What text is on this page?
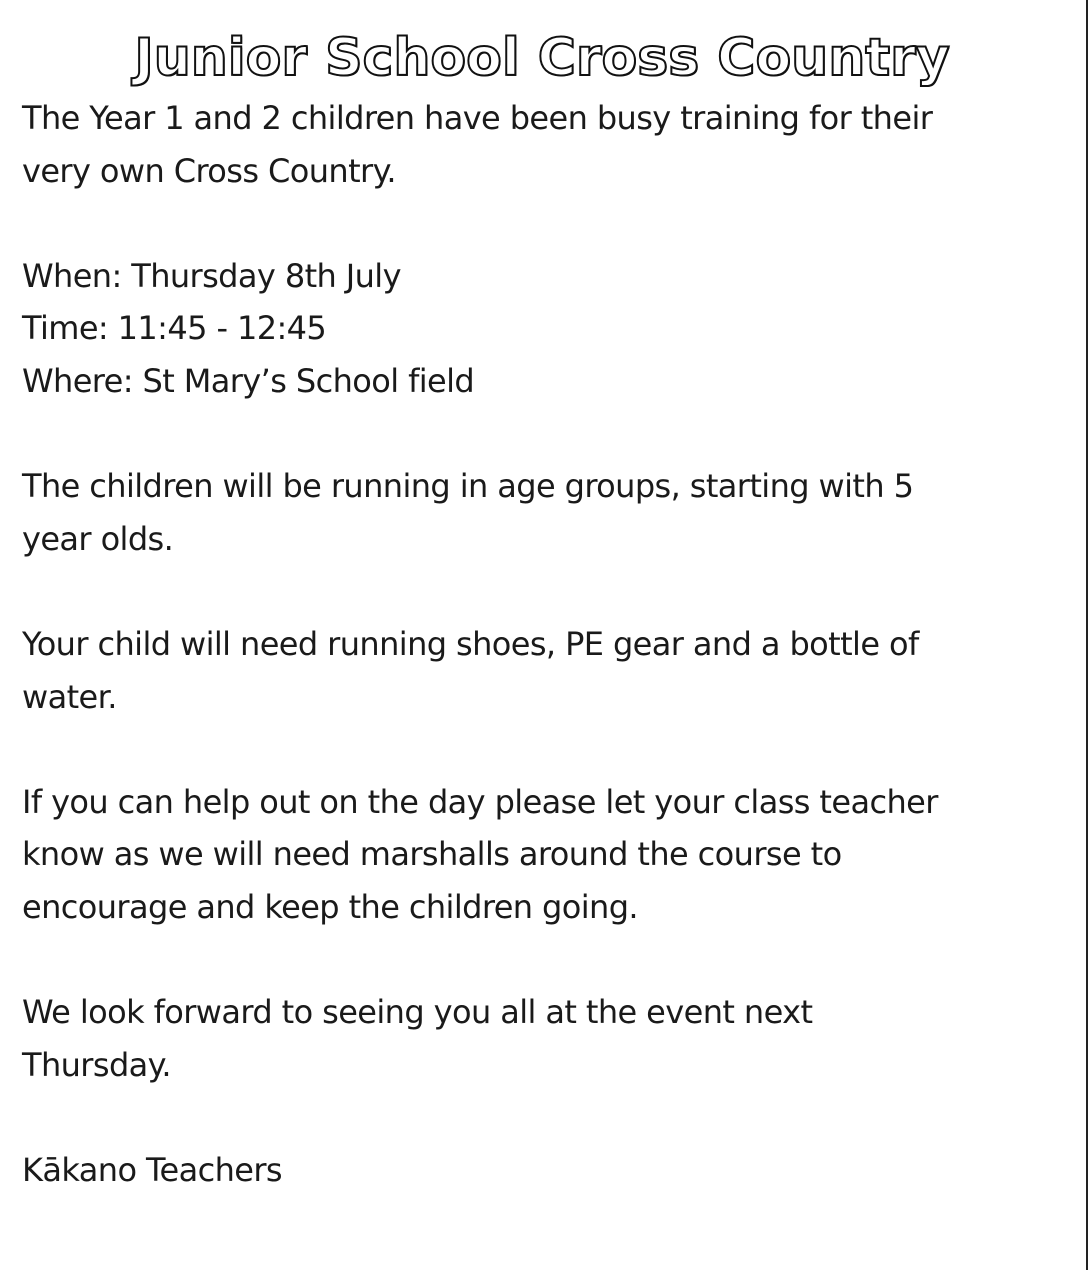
Junior School Cross Country

The Year 1 and 2 children have been busy training for their
very own Cross Country.

When: Thursday 8th July
Time: 11:45 - 12:45
Where: St Mary’s School field

The children will be running in age groups, starting with 5
year olds.

Your child will need running shoes, PE gear and a bottle of
water.

If you can help out on the day please let your class teacher
know as we will need marshalls around the course to
encourage and keep the children going.

We look forward to seeing you all at the event next
Thursday.

Kākano Teachers
